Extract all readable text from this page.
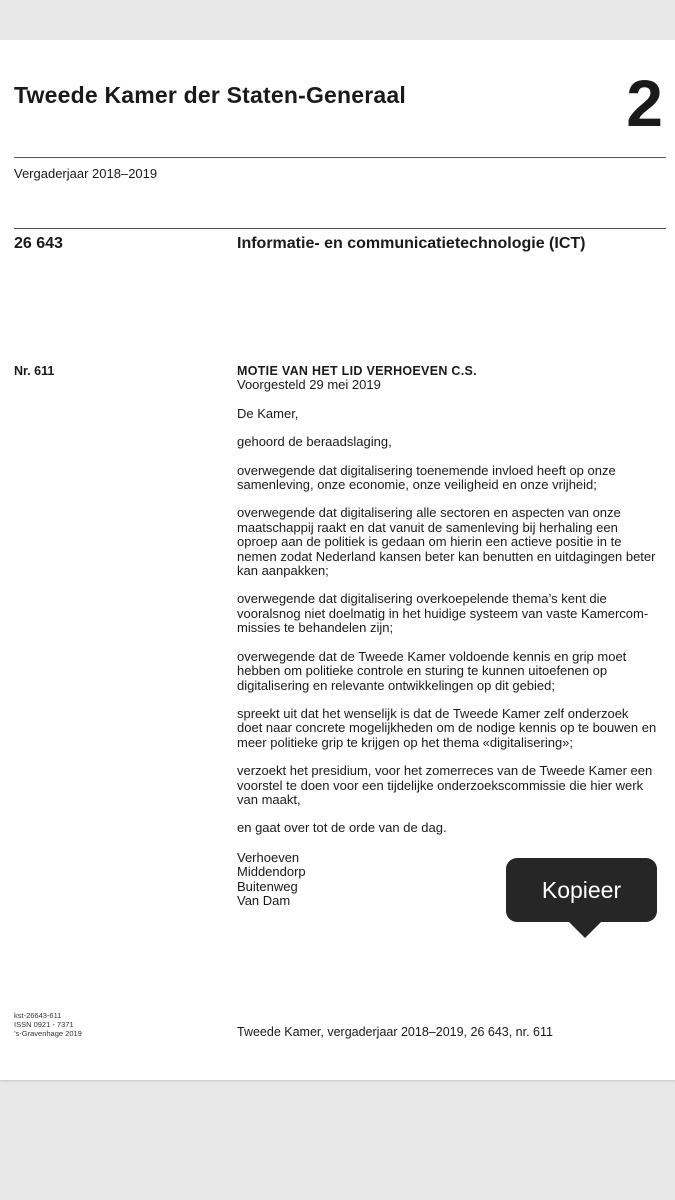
Tweede Kamer der Staten-Generaal	2
Vergaderjaar 2018–2019
26 643	Informatie- en communicatietechnologie (ICT)
Nr. 611	MOTIE VAN HET LID VERHOEVEN C.S.
Voorgesteld 29 mei 2019

De Kamer,

gehoord de beraadslaging,

overwegende dat digitalisering toenemende invloed heeft op onze samenleving, onze economie, onze veiligheid en onze vrijheid;

overwegende dat digitalisering alle sectoren en aspecten van onze maatschappij raakt en dat vanuit de samenleving bij herhaling een oproep aan de politiek is gedaan om hierin een actieve positie in te nemen zodat Nederland kansen beter kan benutten en uitdagingen beter kan aanpakken;

overwegende dat digitalisering overkoepelende thema’s kent die vooralsnog niet doelmatig in het huidige systeem van vaste Kamercom-missies te behandelen zijn;

overwegende dat de Tweede Kamer voldoende kennis en grip moet hebben om politieke controle en sturing te kunnen uitoefenen op digitalisering en relevante ontwikkelingen op dit gebied;

spreekt uit dat het wenselijk is dat de Tweede Kamer zelf onderzoek doet naar concrete mogelijkheden om de nodige kennis op te bouwen en meer politieke grip te krijgen op het thema «digitalisering»;

verzoekt het presidium, voor het zomerreces van de Tweede Kamer een voorstel te doen voor een tijdelijke onderzoekscommissie die hier werk van maakt,

en gaat over tot de orde van de dag.

Verhoeven
Middendorp
Buitenweg
Van Dam
kst-26643-611
ISSN 0921 - 7371
’s-Gravenhage 2019	Tweede Kamer, vergaderjaar 2018–2019, 26 643, nr. 611
Kopieer
